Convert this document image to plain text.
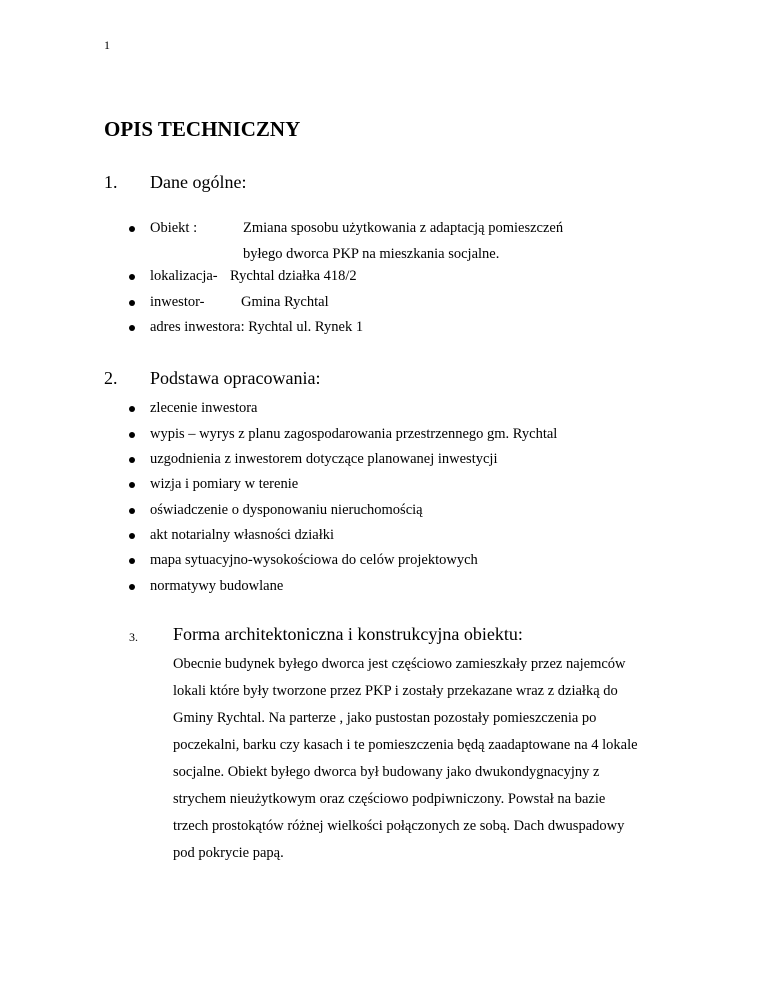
1
OPIS TECHNICZNY
1. Dane ogólne:
Obiekt :	Zmiana sposobu użytkowania z adaptacją pomieszczeń
byłego dworca PKP na mieszkania socjalne.
lokalizacja- Rychtal działka 418/2
inwestor-	Gmina Rychtal
adres inwestora: Rychtal ul. Rynek 1
2. Podstawa opracowania:
zlecenie inwestora
wypis – wyrys z planu zagospodarowania przestrzennego gm. Rychtal
uzgodnienia z inwestorem dotyczące planowanej inwestycji
wizja i pomiary w terenie
oświadczenie o dysponowaniu nieruchomością
akt notarialny własności działki
mapa sytuacyjno-wysokościowa do celów projektowych
normatywy budowlane
3. Forma architektoniczna i konstrukcyjna obiektu:
Obecnie budynek byłego dworca jest częściowo zamieszkały przez najemców
lokali które były tworzone przez PKP i zostały przekazane wraz z działką do
Gminy Rychtal. Na parterze , jako pustostan pozostały pomieszczenia po
poczekalni, barku czy kasach i te pomieszczenia będą zaadaptowane na 4 lokale
socjalne. Obiekt byłego dworca był budowany jako dwukondygnacyjny z
strychem nieużytkowym oraz częściowo podpiwniczony. Powstał na bazie
trzech prostokątów różnej wielkości połączonych ze sobą. Dach dwuspadowy
pod pokrycie papą.
